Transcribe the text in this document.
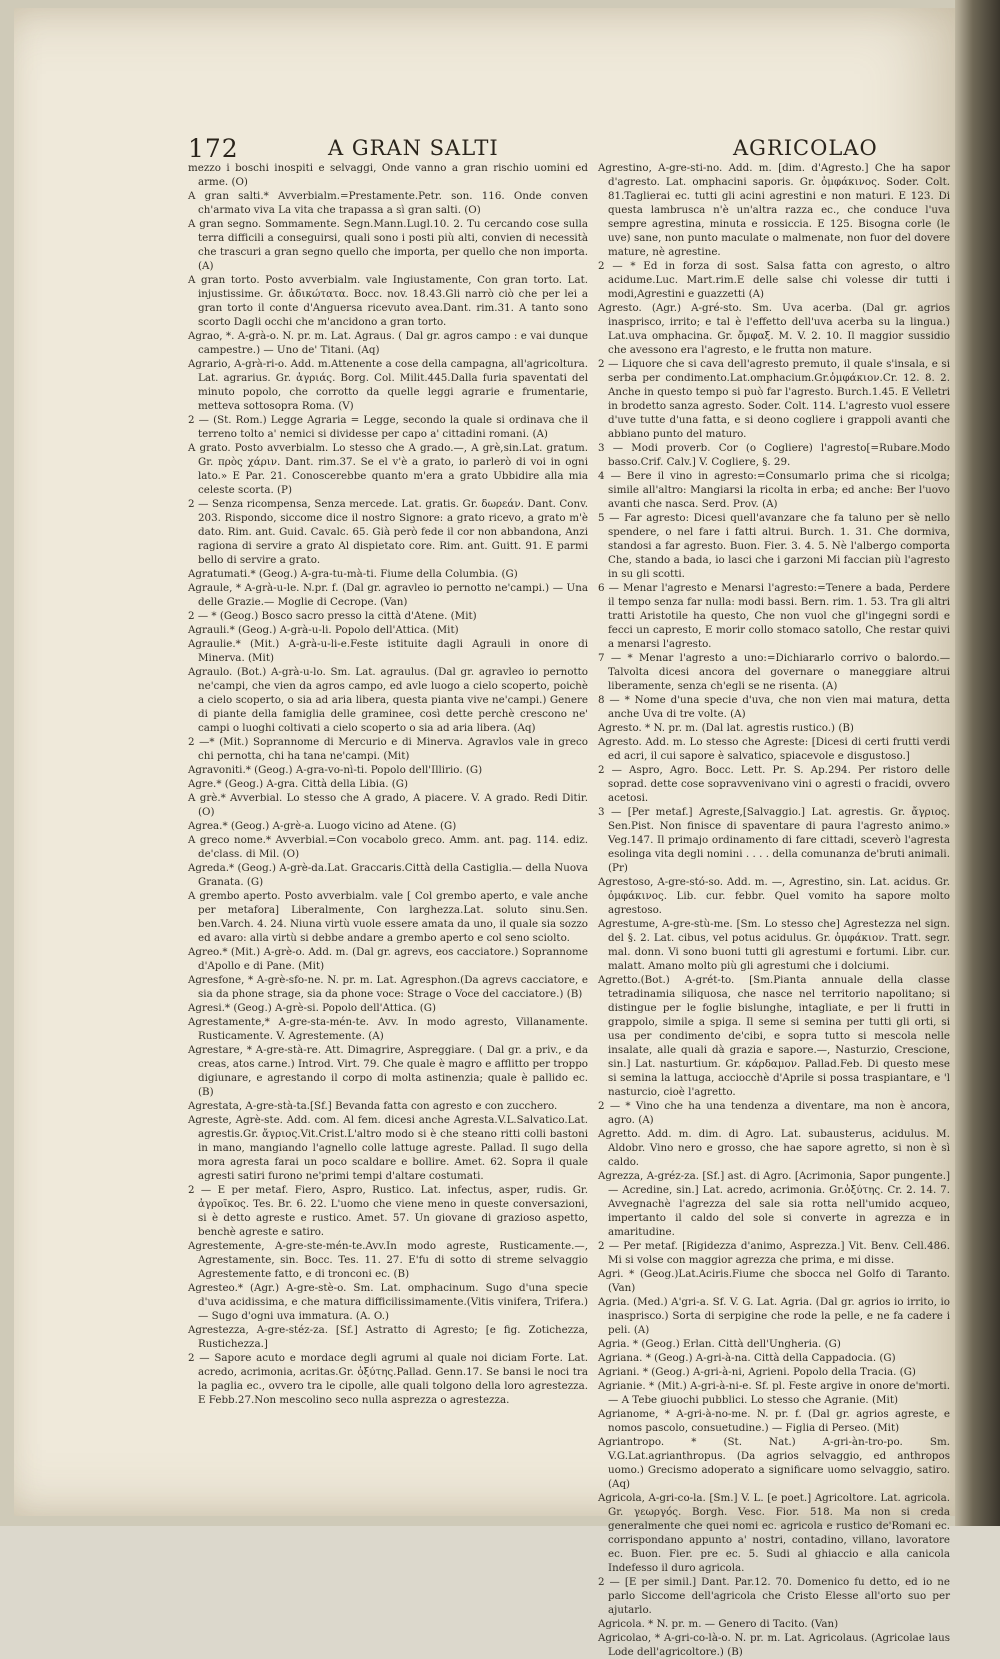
172	A GRAN SALTI	AGRICOLAO

mezzo i boschi inospiti e selvaggi, Onde vanno a gran rischio uomini ed arme. (O)

A gran salti.* Avverbialm.=Prestamente.Petr. son. 116. Onde conven ch'armato viva La vita che trapassa a sì gran salti. (O)

A gran segno. Sommamente. Segn.Mann.Lugl.10. 2. Tu cercando cose sulla terra difficili a conseguirsi, quali sono i posti più alti, convien di necessità che trascuri a gran segno quello che importa, per quello che non importa. (A)

A gran torto. Posto avverbialm. vale Ingiustamente, Con gran torto. Lat. injustissime. Gr. ἀδικώτατα. Bocc. nov. 18.43.Gli narrò ciò che per lei a gran torto il conte d'Anguersa ricevuto avea.Dant. rim.31. A tanto sono scorto Dagli occhi che m'ancidono a gran torto.

Agrao, *. A-grà-o. N. pr. m. Lat. Agraus. ( Dal gr. agros campo : e vai dunque campestre.) — Uno de' Titani. (Aq)

Agrario, A-grà-ri-o. Add. m.Attenente a cose della campagna, all'agricoltura. Lat. agrarius. Gr. ἀγριάς. Borg. Col. Milit.445.Dalla furia spaventati del minuto popolo, che corrotto da quelle leggi agrarie e frumentarie, metteva sottosopra Roma. (V)

2 — (St. Rom.) Legge Agraria = Legge, secondo la quale si ordinava che il terreno tolto a' nemici si dividesse per capo a' cittadini romani. (A)

A grato. Posto avverbialm. Lo stesso che A grado.—, A grè,sin.Lat. gratum. Gr. πρὸς χάριν. Dant. rim.37. Se el v'è a grato, io parlerò di voi in ogni lato.» E Par. 21. Conoscerebbe quanto m'era a grato Ubbidire alla mia celeste scorta. (P)

2 — Senza ricompensa, Senza mercede. Lat. gratis. Gr. δωρεάν. Dant. Conv. 203. Rispondo, siccome dice il nostro Signore: a grato ricevo, a grato m'è dato. Rim. ant. Guid. Cavalc. 65. Già però fede il cor non abbandona, Anzi ragiona di servire a grato Al dispietato core. Rim. ant. Guitt. 91. E parmi bello di servire a grato.

Agratumati.* (Geog.) A-gra-tu-mà-ti. Fiume della Columbia. (G)

Agraule, * A-grà-u-le. N.pr. f. (Dal gr. agravleo io pernotto ne'campi.) — Una delle Grazie.— Moglie di Cecrope. (Van)

2 — * (Geog.) Bosco sacro presso la città d'Atene. (Mit)

Agrauli.* (Geog.) A-grà-u-li. Popolo dell'Attica. (Mit)

Agraulie.* (Mit.) A-grà-u-li-e.Feste istituite dagli Agrauli in onore di Minerva. (Mit)

Agraulo. (Bot.) A-grà-u-lo. Sm. Lat. agraulus. (Dal gr. agravleo io pernotto ne'campi, che vien da agros campo, ed avle luogo a cielo scoperto, poichè a cielo scoperto, o sia ad aria libera, questa pianta vive ne'campi.) Genere di piante della famiglia delle graminee, così dette perchè crescono ne' campi o luoghi coltivati a cielo scoperto o sia ad aria libera. (Aq)

2 —* (Mit.) Soprannome di Mercurio e di Minerva. Agravlos vale in greco chi pernotta, chi ha tana ne'campi. (Mit)

Agravoniti.* (Geog.) A-gra-vo-nì-ti. Popolo dell'Illirio. (G)

Agre.* (Geog.) A-gra. Città della Libia. (G)

A grè.* Avverbial. Lo stesso che A grado, A piacere. V. A grado. Redi Ditir. (O)

Agrea.* (Geog.) A-grè-a. Luogo vicino ad Atene. (G)

A greco nome.* Avverbial.=Con vocabolo greco. Amm. ant. pag. 114. ediz. de'class. di Mil. (O)

Agreda.* (Geog.) A-grè-da.Lat. Graccaris.Città della Castiglia.— della Nuova Granata. (G)

A grembo aperto. Posto avverbialm. vale [ Col grembo aperto, e vale anche per metafora] Liberalmente, Con larghezza.Lat. soluto sinu.Sen. ben.Varch. 4. 24. Niuna virtù vuole essere amata da uno, il quale sia sozzo ed avaro: alla virtù si debbe andare a grembo aperto e col seno sciolto.

Agreo.* (Mit.) A-grè-o. Add. m. (Dal gr. agrevs, eos cacciatore.) Soprannome d'Apollo e di Pane. (Mit)

Agresfone, * A-grè-sfo-ne. N. pr. m. Lat. Agresphon.(Da agrevs cacciatore, e sia da phone strage, sia da phone voce: Strage o Voce del cacciatore.) (B)

Agresi.* (Geog.) A-grè-si. Popolo dell'Attica. (G)

Agrestamente,* A-gre-sta-mén-te. Avv. In modo agresto, Villanamente. Rusticamente. V. Agrestemente. (A)

Agrestare, * A-gre-stà-re. Att. Dimagrire, Aspreggiare. ( Dal gr. a priv., e da creas, atos carne.) Introd. Virt. 79. Che quale è magro e afflitto per troppo digiunare, e agrestando il corpo di molta astinenzia; quale è pallido ec. (B)

Agrestata, A-gre-stà-ta.[Sf.] Bevanda fatta con agresto e con zucchero.

Agreste, Agrè-ste. Add. com. Al fem. dicesi anche Agresta.V.L.Salvatico.Lat. agrestis.Gr. ἄγριος.Vit.Crist.L'altro modo si è che steano ritti colli bastoni in mano, mangiando l'agnello colle lattuge agreste. Pallad. Il sugo della mora agresta farai un poco scaldare e bollire. Amet. 62. Sopra il quale agresti satiri furono ne'primi tempi d'altare costumati.

2 — E per metaf. Fiero, Aspro, Rustico. Lat. infectus, asper, rudis. Gr. ἀγροῖκος. Tes. Br. 6. 22. L'uomo che viene meno in queste conversazioni, si è detto agreste e rustico. Amet. 57. Un giovane di grazioso aspetto, benchè agreste e satiro.

Agrestemente, A-gre-ste-mén-te.Avv.In modo agreste, Rusticamente.—, Agrestamente, sin. Bocc. Tes. 11. 27. E'fu di sotto di streme selvaggio Agrestemente fatto, e di tronconi ec. (B)

Agresteo.* (Agr.) A-gre-stè-o. Sm. Lat. omphacinum. Sugo d'una specie d'uva acidissima, e che matura difficilissimamente.(Vitis vinifera, Trifera.) — Sugo d'ogni uva immatura. (A. O.)

Agrestezza, A-gre-stéz-za. [Sf.] Astratto di Agresto; [e fig. Zotichezza, Rustichezza.]

2 — Sapore acuto e mordace degli agrumi al quale noi diciam Forte. Lat. acredo, acrimonia, acritas.Gr. ὀξύτης.Pallad. Genn.17. Se bansi le noci tra la paglia ec., ovvero tra le cipolle, alle quali tolgono della loro agrestezza. E Febb.27.Non mescolino seco nulla asprezza o agrestezza.

Agrestino, A-gre-sti-no. Add. m. [dim. d'Agresto.] Che ha sapor d'agresto. Lat. omphacini saporis. Gr. ὀμφάκινος. Soder. Colt. 81.Taglierai ec. tutti gli acini agrestini e non maturi. E 123. Di questa lambrusca n'è un'altra razza ec., che conduce l'uva sempre agrestina, minuta e rossiccia. E 125. Bisogna corle (le uve) sane, non punto maculate o malmenate, non fuor del dovere mature, nè agrestine.

2 — * Ed in forza di sost. Salsa fatta con agresto, o altro acidume.Luc. Mart.rim.E delle salse chi volesse dir tutti i modi,Agrestini e guazzetti (A)

Agresto. (Agr.) A-gré-sto. Sm. Uva acerba. (Dal gr. agrios inasprisco, irrito; e tal è l'effetto dell'uva acerba su la lingua.) Lat.uva omphacina. Gr. ὄμφαξ. M. V. 2. 10. Il maggior sussidio che avessono era l'agresto, e le frutta non mature.

2 — Liquore che si cava dell'agresto premuto, il quale s'insala, e si serba per condimento.Lat.omphacium.Gr.ὀμφάκιον.Cr. 12. 8. 2. Anche in questo tempo si può far l'agresto. Burch.1.45. E Velletri in brodetto sanza agresto. Soder. Colt. 114. L'agresto vuol essere d'uve tutte d'una fatta, e si deono cogliere i grappoli avanti che abbiano punto del maturo.

3 — Modi proverb. Cor (o Cogliere) l'agresto[=Rubare.Modo basso.Crif. Calv.] V. Cogliere, §. 29.

4 — Bere il vino in agresto:=Consumarlo prima che si ricolga; simile all'altro: Mangiarsi la ricolta in erba; ed anche: Ber l'uovo avanti che nasca. Serd. Prov. (A)

5 — Far agresto: Dicesi quell'avanzare che fa taluno per sè nello spendere, o nel fare i fatti altrui. Burch. 1. 31. Che dormiva, standosi a far agresto. Buon. Fier. 3. 4. 5. Nè l'albergo comporta Che, stando a bada, io lasci che i garzoni Mi faccian più l'agresto in su gli scotti.

6 — Menar l'agresto e Menarsi l'agresto:=Tenere a bada, Perdere il tempo senza far nulla: modi bassi. Bern. rim. 1. 53. Tra gli altri tratti Aristotile ha questo, Che non vuol che gl'ingegni sordi e fecci un capresto, E morir collo stomaco satollo, Che restar quivi a menarsi l'agresto.

7 — * Menar l'agresto a uno:=Dichiararlo corrivo o balordo.— Talvolta dicesi ancora del governare o maneggiare altrui liberamente, senza ch'egli se ne risenta. (A)

8 — * Nome d'una specie d'uva, che non vien mai matura, detta anche Uva di tre volte. (A)

Agresto. * N. pr. m. (Dal lat. agrestis rustico.) (B)

Agresto. Add. m. Lo stesso che Agreste: [Dicesi di certi frutti verdi ed acri, il cui sapore è salvatico, spiacevole e disgustoso.]

2 — Aspro, Agro. Bocc. Lett. Pr. S. Ap.294. Per ristoro delle soprad. dette cose sopravvenivano vini o agresti o fracidi, ovvero acetosi.

3 — [Per metaf.] Agreste,[Salvaggio.] Lat. agrestis. Gr. ἄγριος. Sen.Pist. Non finisce di spaventare di paura l'agresto animo.» Veg.147. Il primajo ordinamento di fare cittadi, sceverò l'agresta esolinga vita degli nomini . . . . della comunanza de'bruti animali. (Pr)

Agrestoso, A-gre-stó-so. Add. m. —, Agrestino, sin. Lat. acidus. Gr. ὀμφάκινος. Lib. cur. febbr. Quel vomito ha sapore molto agrestoso.

Agrestume, A-gre-stù-me. [Sm. Lo stesso che] Agrestezza nel sign. del §. 2. Lat. cibus, vel potus acidulus. Gr. ὀμφάκιον. Tratt. segr. mal. donn. Vi sono buoni tutti gli agrestumi e fortumi. Libr. cur. malatt. Amano molto più gli agrestumi che i dolciumi.

Agretto.(Bot.) A-grét-to. [Sm.Pianta annuale della classe tetradinamia siliquosa, che nasce nel territorio napolitano; si distingue per le foglie bislunghe, intagliate, e per li frutti in grappolo, simile a spiga. Il seme si semina per tutti gli orti, si usa per condimento de'cibi, e sopra tutto si mescola nelle insalate, alle quali dà grazia e sapore.—, Nasturzio, Crescione, sin.] Lat. nasturtium. Gr. κάρδαμον. Pallad.Feb. Di questo mese si semina la lattuga, acciocchè d'Aprile si possa traspiantare, e 'l nasturcio, cioè l'agretto.

2 — * Vino che ha una tendenza a diventare, ma non è ancora, agro. (A)

Agretto. Add. m. dim. di Agro. Lat. subausterus, acidulus. M. Aldobr. Vino nero e grosso, che hae sapore agretto, si non è sì caldo.

Agrezza, A-gréz-za. [Sf.] ast. di Agro. [Acrimonia, Sapor pungente.]— Acredine, sin.] Lat. acredo, acrimonia. Gr.ὀξύτης. Cr. 2. 14. 7. Avvegnachè l'agrezza del sale sia rotta nell'umido acqueo, impertanto il caldo del sole si converte in agrezza e in amaritudine.

2 — Per metaf. [Rigidezza d'animo, Asprezza.] Vit. Benv. Cell.486. Mi si volse con maggior agrezza che prima, e mi disse.

Agri. * (Geog.)Lat.Aciris.Fiume che sbocca nel Golfo di Taranto. (Van)

Agria. (Med.) A'gri-a. Sf. V. G. Lat. Agria. (Dal gr. agrios io irrito, io inasprisco.) Sorta di serpigine che rode la pelle, e ne fa cadere i peli. (A)

Agria. * (Geog.) Erlan. Città dell'Ungheria. (G)

Agriana. * (Geog.) A-gri-à-na. Città della Cappadocia. (G)

Agriani. * (Geog.) A-gri-à-ni, Agrieni. Popolo della Tracia. (G)

Agrianie. * (Mit.) A-gri-à-ni-e. Sf. pl. Feste argive in onore de'morti.— A Tebe giuochi pubblici. Lo stesso che Agranie. (Mit)

Agrianome, * A-gri-à-no-me. N. pr. f. (Dal gr. agrios agreste, e nomos pascolo, consuetudine.) — Figlia di Perseo. (Mit)

Agriantropo. * (St. Nat.) A-gri-àn-tro-po. Sm. V.G.Lat.agrianthropus. (Da agrios selvaggio, ed anthropos uomo.) Grecismo adoperato a significare uomo selvaggio, satiro. (Aq)

Agricola, A-gri-co-la. [Sm.] V. L. [e poet.] Agricoltore. Lat. agricola. Gr. γεωργός. Borgh. Vesc. Fior. 518. Ma non si creda generalmente che quei nomi ec. agricola e rustico de'Romani ec. corrispondano appunto a' nostri, contadino, villano, lavoratore ec. Buon. Fier. pre ec. 5. Sudi al ghiaccio e alla canicola Indefesso il duro agricola.

2 — [E per simil.] Dant. Par.12. 70. Domenico fu detto, ed io ne parlo Siccome dell'agricola che Cristo Elesse all'orto suo per ajutarlo.

Agricola. * N. pr. m. — Genero di Tacito. (Van)

Agricolao, * A-gri-co-là-o. N. pr. m. Lat. Agricolaus. (Agricolae laus Lode dell'agricoltore.) (B)
